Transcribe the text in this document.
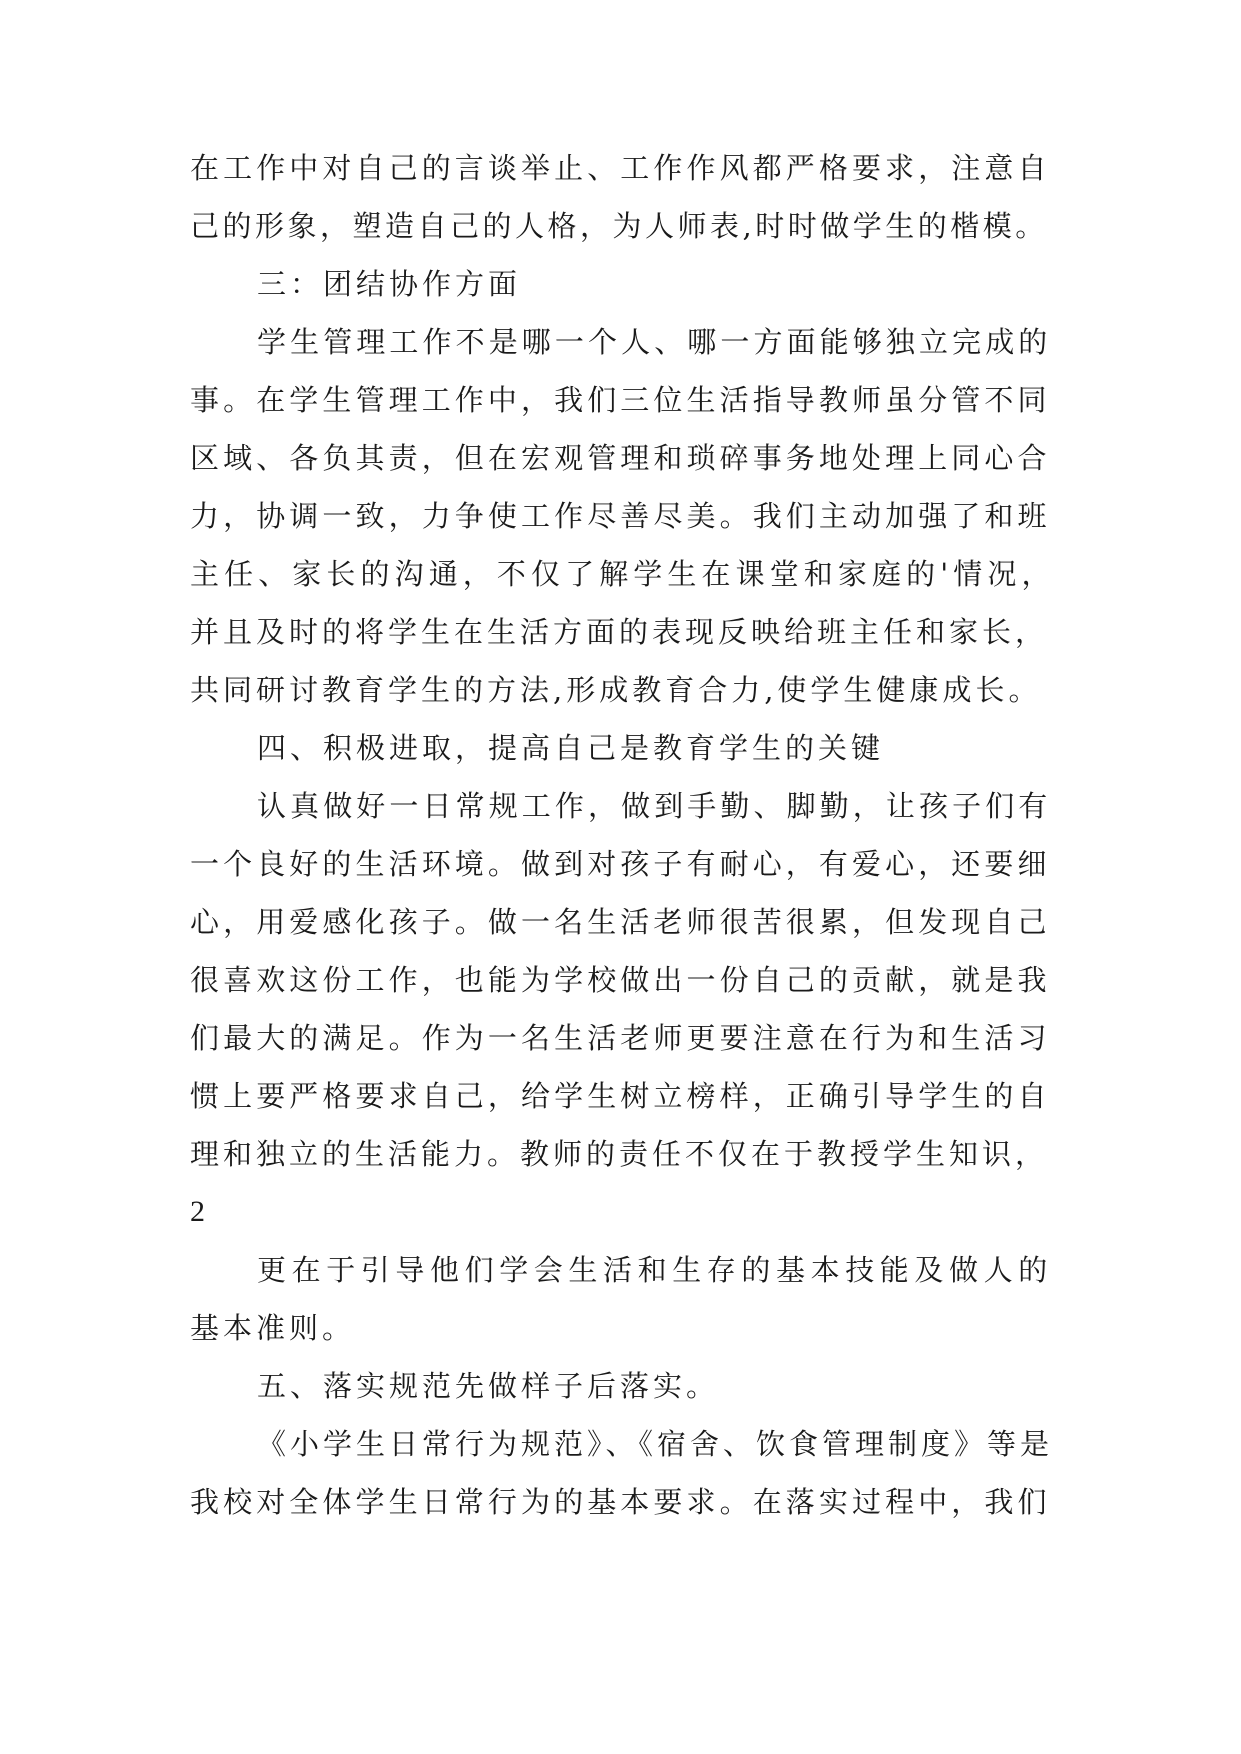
在工作中对自己的言谈举止、工作作风都严格要求，注意自
己的形象，塑造自己的人格，为人师表,时时做学生的楷模。
三：团结协作方面
学生管理工作不是哪一个人、哪一方面能够独立完成的
事。在学生管理工作中，我们三位生活指导教师虽分管不同
区域、各负其责，但在宏观管理和琐碎事务地处理上同心合
力，协调一致，力争使工作尽善尽美。我们主动加强了和班
主任、家长的沟通，不仅了解学生在课堂和家庭的'情况，
并且及时的将学生在生活方面的表现反映给班主任和家长，
共同研讨教育学生的方法,形成教育合力,使学生健康成长。
四、积极进取，提高自己是教育学生的关键
认真做好一日常规工作，做到手勤、脚勤，让孩子们有
一个良好的生活环境。做到对孩子有耐心，有爱心，还要细
心，用爱感化孩子。做一名生活老师很苦很累，但发现自己
很喜欢这份工作，也能为学校做出一份自己的贡献，就是我
们最大的满足。作为一名生活老师更要注意在行为和生活习
惯上要严格要求自己，给学生树立榜样，正确引导学生的自
理和独立的生活能力。教师的责任不仅在于教授学生知识，
2
更在于引导他们学会生活和生存的基本技能及做人的
基本准则。
五、落实规范先做样子后落实。
《小学生日常行为规范》、《宿舍、饮食管理制度》等是
我校对全体学生日常行为的基本要求。在落实过程中，我们
